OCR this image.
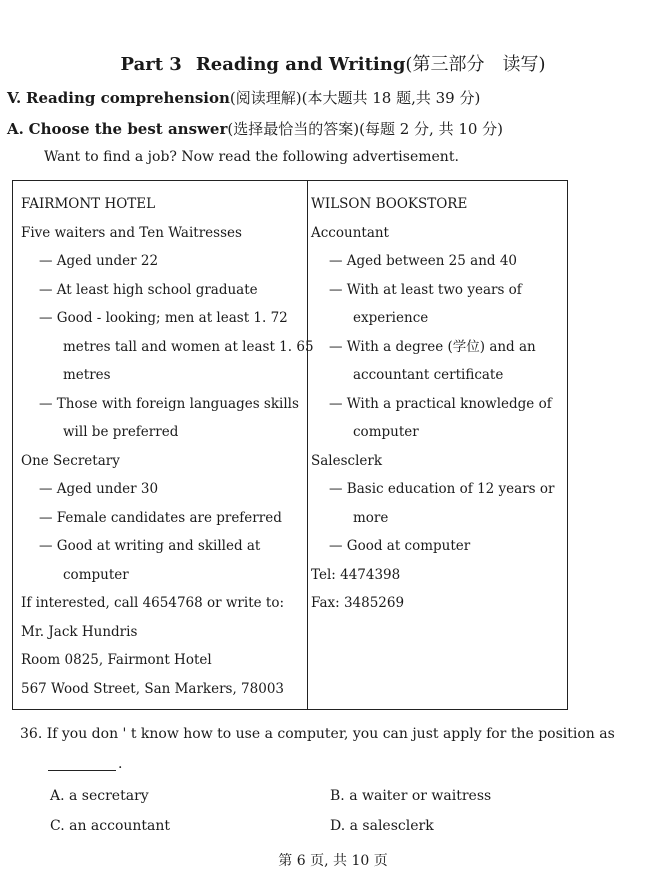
Part 3 Reading and Writing(第三部分　读写)
V. Reading comprehension(阅读理解)(本大题共 18 题,共 39 分)
A. Choose the best answer(选择最恰当的答案)(每题 2 分, 共 10 分)
Want to find a job? Now read the following advertisement.
FAIRMONT HOTEL
Five waiters and Ten Waitresses
— Aged under 22
— At least high school graduate
— Good - looking; men at least 1. 72
metres tall and women at least 1. 65
metres
— Those with foreign languages skills
will be preferred
One Secretary
— Aged under 30
— Female candidates are preferred
— Good at writing and skilled at
computer
If interested, call 4654768 or write to:
Mr. Jack Hundris
Room 0825, Fairmont Hotel
567 Wood Street, San Markers, 78003
WILSON BOOKSTORE
Accountant
— Aged between 25 and 40
— With at least two years of
experience
— With a degree (学位) and an
accountant certificate
— With a practical knowledge of
computer
Salesclerk
— Basic education of 12 years or
more
— Good at computer
Tel: 4474398
Fax: 3485269
36. If you don ' t know how to use a computer, you can just apply for the position as
.
A. a secretary	B. a waiter or waitress
C. an accountant	D. a salesclerk
第 6 页, 共 10 页
